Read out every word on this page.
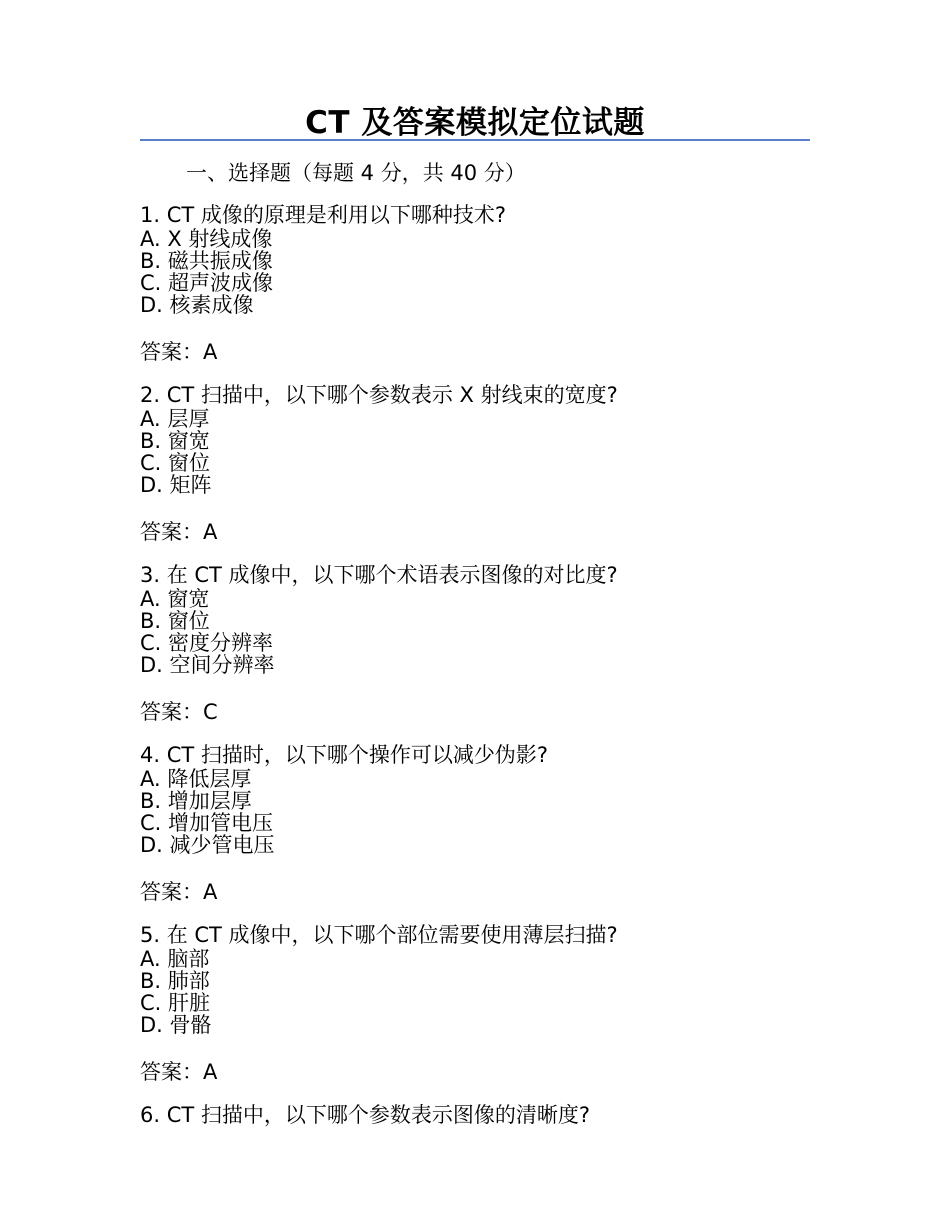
CT 及答案模拟定位试题
一、选择题（每题 4 分，共 40 分）
1. CT 成像的原理是利用以下哪种技术?
A. X 射线成像
B. 磁共振成像
C. 超声波成像
D. 核素成像
答案：A
2. CT 扫描中，以下哪个参数表示 X 射线束的宽度?
A. 层厚
B. 窗宽
C. 窗位
D. 矩阵
答案：A
3. 在 CT 成像中，以下哪个术语表示图像的对比度?
A. 窗宽
B. 窗位
C. 密度分辨率
D. 空间分辨率
答案：C
4. CT 扫描时，以下哪个操作可以减少伪影?
A. 降低层厚
B. 增加层厚
C. 增加管电压
D. 减少管电压
答案：A
5. 在 CT 成像中，以下哪个部位需要使用薄层扫描?
A. 脑部
B. 肺部
C. 肝脏
D. 骨骼
答案：A
6. CT 扫描中，以下哪个参数表示图像的清晰度?
